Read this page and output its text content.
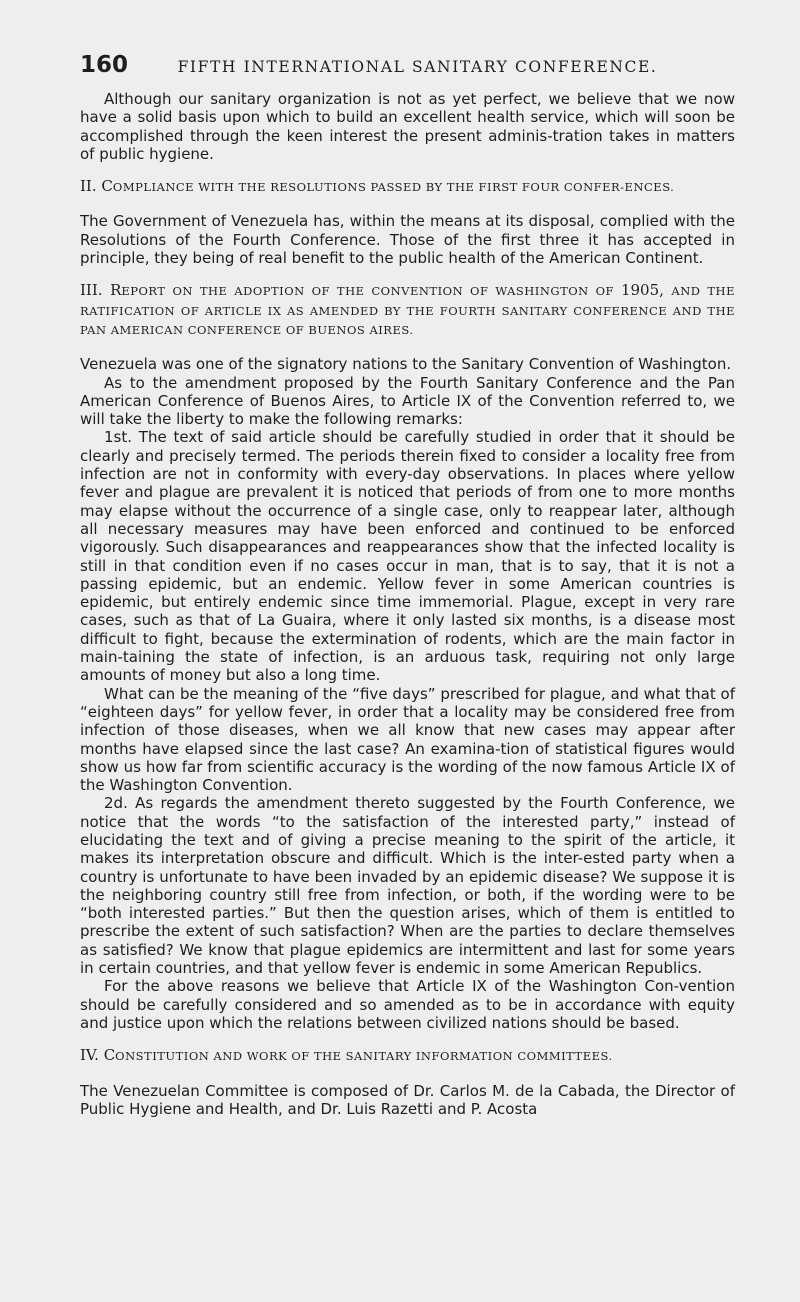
160	FIFTH INTERNATIONAL SANITARY CONFERENCE.

Although our sanitary organization is not as yet perfect, we believe that we now have a solid basis upon which to build an excellent health service, which will soon be accomplished through the keen interest the present adminis-tration takes in matters of public hygiene.

II. COMPLIANCE WITH THE RESOLUTIONS PASSED BY THE FIRST FOUR CONFER-ENCES.

The Government of Venezuela has, within the means at its disposal, complied with the Resolutions of the Fourth Conference. Those of the first three it has accepted in principle, they being of real benefit to the public health of the American Continent.

III. REPORT ON THE ADOPTION OF THE CONVENTION OF WASHINGTON OF 1905, AND THE RATIFICATION OF ARTICLE IX AS AMENDED BY THE FOURTH SANITARY CONFERENCE AND THE PAN AMERICAN CONFERENCE OF BUENOS AIRES.

Venezuela was one of the signatory nations to the Sanitary Convention of Washington.

As to the amendment proposed by the Fourth Sanitary Conference and the Pan American Conference of Buenos Aires, to Article IX of the Convention referred to, we will take the liberty to make the following remarks:

1st. The text of said article should be carefully studied in order that it should be clearly and precisely termed. The periods therein fixed to consider a locality free from infection are not in conformity with every-day observations. In places where yellow fever and plague are prevalent it is noticed that periods of from one to more months may elapse without the occurrence of a single case, only to reappear later, although all necessary measures may have been enforced and continued to be enforced vigorously. Such disappearances and reappearances show that the infected locality is still in that condition even if no cases occur in man, that is to say, that it is not a passing epidemic, but an endemic. Yellow fever in some American countries is epidemic, but entirely endemic since time immemorial. Plague, except in very rare cases, such as that of La Guaira, where it only lasted six months, is a disease most difficult to fight, because the extermination of rodents, which are the main factor in main-taining the state of infection, is an arduous task, requiring not only large amounts of money but also a long time.

What can be the meaning of the “five days” prescribed for plague, and what that of “eighteen days” for yellow fever, in order that a locality may be considered free from infection of those diseases, when we all know that new cases may appear after months have elapsed since the last case? An examina-tion of statistical figures would show us how far from scientific accuracy is the wording of the now famous Article IX of the Washington Convention.

2d. As regards the amendment thereto suggested by the Fourth Conference, we notice that the words “to the satisfaction of the interested party,” instead of elucidating the text and of giving a precise meaning to the spirit of the article, it makes its interpretation obscure and difficult. Which is the inter-ested party when a country is unfortunate to have been invaded by an epidemic disease? We suppose it is the neighboring country still free from infection, or both, if the wording were to be “both interested parties.” But then the question arises, which of them is entitled to prescribe the extent of such satisfaction? When are the parties to declare themselves as satisfied? We know that plague epidemics are intermittent and last for some years in certain countries, and that yellow fever is endemic in some American Republics.

For the above reasons we believe that Article IX of the Washington Con-vention should be carefully considered and so amended as to be in accordance with equity and justice upon which the relations between civilized nations should be based.

IV. CONSTITUTION AND WORK OF THE SANITARY INFORMATION COMMITTEES.

The Venezuelan Committee is composed of Dr. Carlos M. de la Cabada, the Director of Public Hygiene and Health, and Dr. Luis Razetti and P. Acosta
